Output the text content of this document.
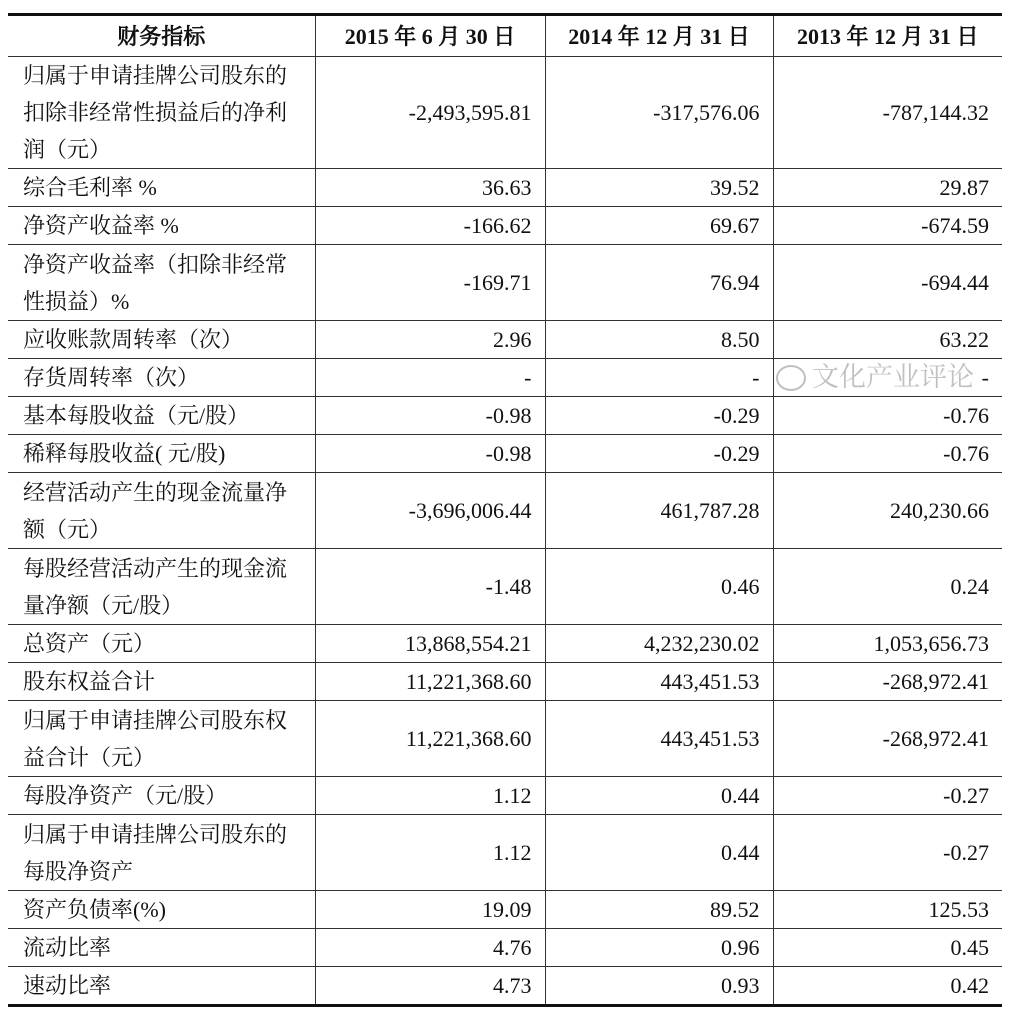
财务指标	2015 年 6 月 30 日	2014 年 12 月 31 日	2013 年 12 月 31 日
归属于申请挂牌公司股东的扣除非经常性损益后的净利润（元）	-2,493,595.81	-317,576.06	-787,144.32
综合毛利率 %	36.63	39.52	29.87
净资产收益率 %	-166.62	69.67	-674.59
净资产收益率（扣除非经常性损益）%	-169.71	76.94	-694.44
应收账款周转率（次）	2.96	8.50	63.22
存货周转率（次）	-	-	-
基本每股收益（元/股）	-0.98	-0.29	-0.76
稀释每股收益( 元/股)	-0.98	-0.29	-0.76
经营活动产生的现金流量净额（元）	-3,696,006.44	461,787.28	240,230.66
每股经营活动产生的现金流量净额（元/股）	-1.48	0.46	0.24
总资产（元）	13,868,554.21	4,232,230.02	1,053,656.73
股东权益合计	11,221,368.60	443,451.53	-268,972.41
归属于申请挂牌公司股东权益合计（元）	11,221,368.60	443,451.53	-268,972.41
每股净资产（元/股）	1.12	0.44	-0.27
归属于申请挂牌公司股东的每股净资产	1.12	0.44	-0.27
资产负债率(%)	19.09	89.52	125.53
流动比率	4.76	0.96	0.45
速动比率	4.73	0.93	0.42
文化产业评论
